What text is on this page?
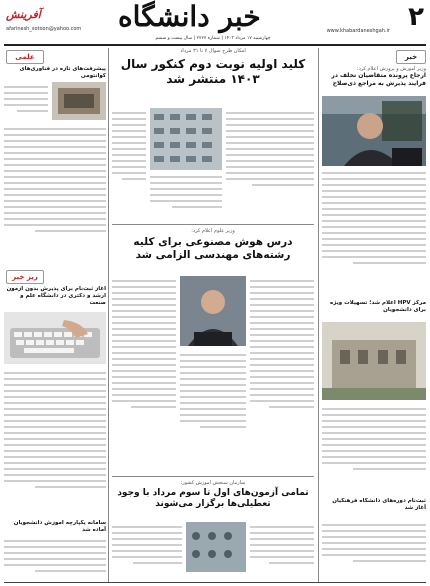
۲
خبر دانشگاه	www.khabardaneshgah.ir
آفرینش
afarinesh_sotoon@yahoo.com
چهارشنبه ۱۷ مرداد ۱۴۰۳ | شماره ۲۷۲۷ | سال بیست و ششم
خبر
وزیر آموزش و پرورش اعلام کرد:
ارجاع پرونده متقاضیان تخلف در فرایند پذیرش به مراجع ذی‌صلاح
مرکز HPV اعلام شد؛ تسهیلات ویژه برای دانشجویان
ثبت‌نام دوره‌های دانشگاه فرهنگیان آغاز شد
امکان طرح سوال ۷ تا ۳۱ مرداد
کلید اولیه نوبت دوم کنکور سال ۱۴۰۳ منتشر شد
وزیر علوم اعلام کرد:
درس هوش مصنوعی برای کلیه رشته‌های مهندسی الزامی شد
سازمان سنجش آموزش کشور:
تمامی آزمون‌های اول تا سوم مرداد با وجود تعطیلی‌ها برگزار می‌شوند
علمی
پیشرفت‌های تازه در فناوری‌های کوانتومی
ریز خبر
آغاز ثبت‌نام برای پذیرش بدون آزمون ارشد و دکتری در دانشگاه علم و صنعت
سامانه یکپارچه آموزش دانشجویان آماده شد
